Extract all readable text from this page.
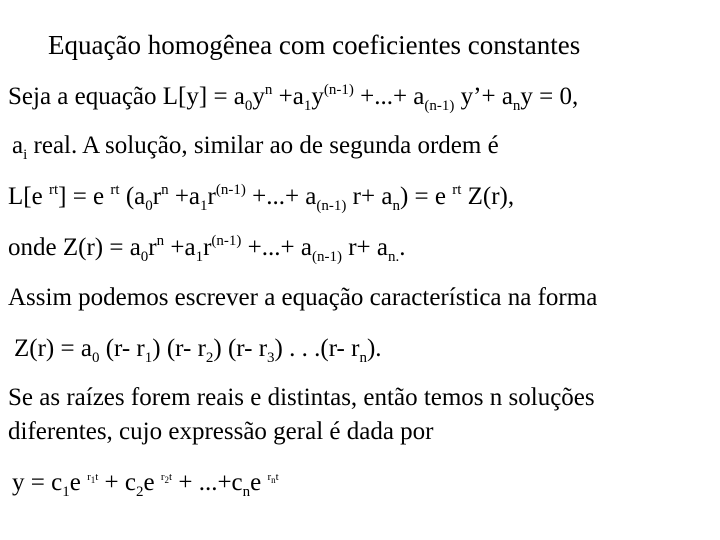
Equação homogênea com coeficientes constantes
Seja a equação $L[y] = a_0y^n +a_1y^{(n-1)}$ +...+ $a_{(n-1)}$ y’+ $a_ny = 0$,
$a_i$ real. A solução, similar ao de segunda ordem é
L[e $^{rt}$] = e $^{rt}$ ($a_0r^n +a_1r^{(n-1)}$ +...+ $a_{(n-1)}$ $r+ a_n) = e$ $^{rt}$ Z(r),
onde $Z(r) = a_0r^n +a_1r^{(n-1)}$ +...+ $a_{(n-1)}$ $r+ a_{n.}$.
Assim podemos escrever a equação característica na forma
$Z(r) = a_0$ (r- $r_1$) (r- $r_2$) (r- $r_3$) . . .(r- $r_n$).
Se as raízes forem reais e distintas, então temos n soluções
diferentes, cujo expressão geral é dada por
$y = c_1e$ $^{r_1t} + c_2e$ $^{r_2t} + ...+c_ne$ $^{r_nt}$
